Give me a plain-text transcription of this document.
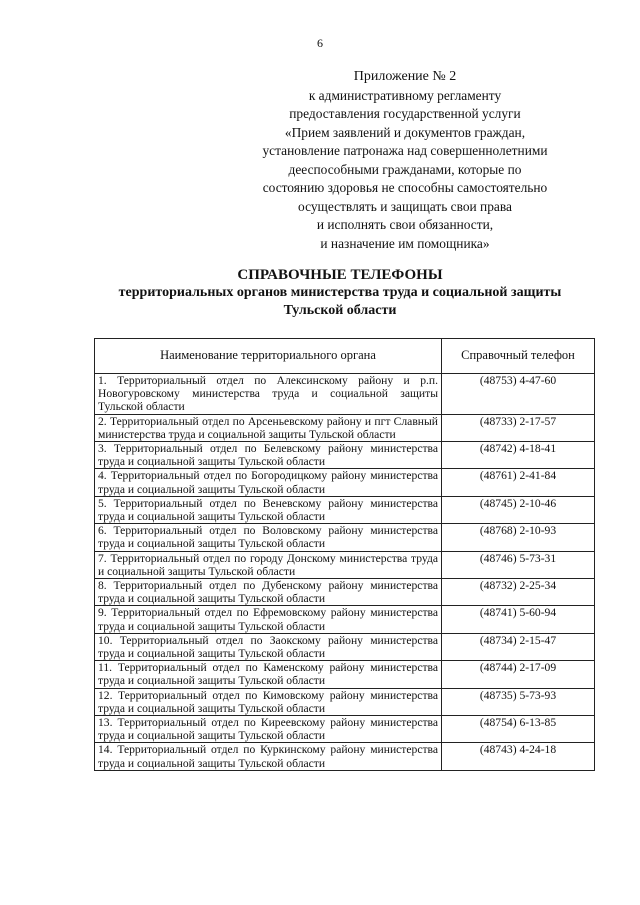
6
Приложение № 2
к административному регламенту
предоставления государственной услуги
«Прием заявлений и документов граждан,
установление патронажа над совершеннолетними
дееспособными гражданами, которые по
состоянию здоровья не способны самостоятельно
осуществлять и защищать свои права
и исполнять свои обязанности,
и назначение им помощника»
СПРАВОЧНЫЕ ТЕЛЕФОНЫ
территориальных органов министерства труда и социальной защиты
Тульской области
Наименование территориального органа	Справочный телефон
1. Территориальный отдел по Алексинскому району и р.п. Новогуровскому министерства труда и социальной защиты Тульской области	(48753) 4-47-60
2. Территориальный отдел по Арсеньевскому району и пгт Славный министерства труда и социальной защиты Тульской области	(48733) 2-17-57
3. Территориальный отдел по Белевскому району министерства труда и социальной защиты Тульской области	(48742) 4-18-41
4. Территориальный отдел по Богородицкому району министерства труда и социальной защиты Тульской области	(48761) 2-41-84
5. Территориальный отдел по Веневскому району министерства труда и социальной защиты Тульской области	(48745) 2-10-46
6. Территориальный отдел по Воловскому району министерства труда и социальной защиты Тульской области	(48768) 2-10-93
7. Территориальный отдел по городу Донскому министерства труда и социальной защиты Тульской области	(48746) 5-73-31
8. Территориальный отдел по Дубенскому району министерства труда и социальной защиты Тульской области	(48732) 2-25-34
9. Территориальный отдел по Ефремовскому району министерства труда и социальной защиты Тульской области	(48741) 5-60-94
10. Территориальный отдел по Заокскому району министерства труда и социальной защиты Тульской области	(48734) 2-15-47
11. Территориальный отдел по Каменскому району министерства труда и социальной защиты Тульской области	(48744) 2-17-09
12. Территориальный отдел по Кимовскому району министерства труда и социальной защиты Тульской области	(48735) 5-73-93
13. Территориальный отдел по Киреевскому району министерства труда и социальной защиты Тульской области	(48754) 6-13-85
14. Территориальный отдел по Куркинскому району министерства труда и социальной защиты Тульской области	(48743) 4-24-18
